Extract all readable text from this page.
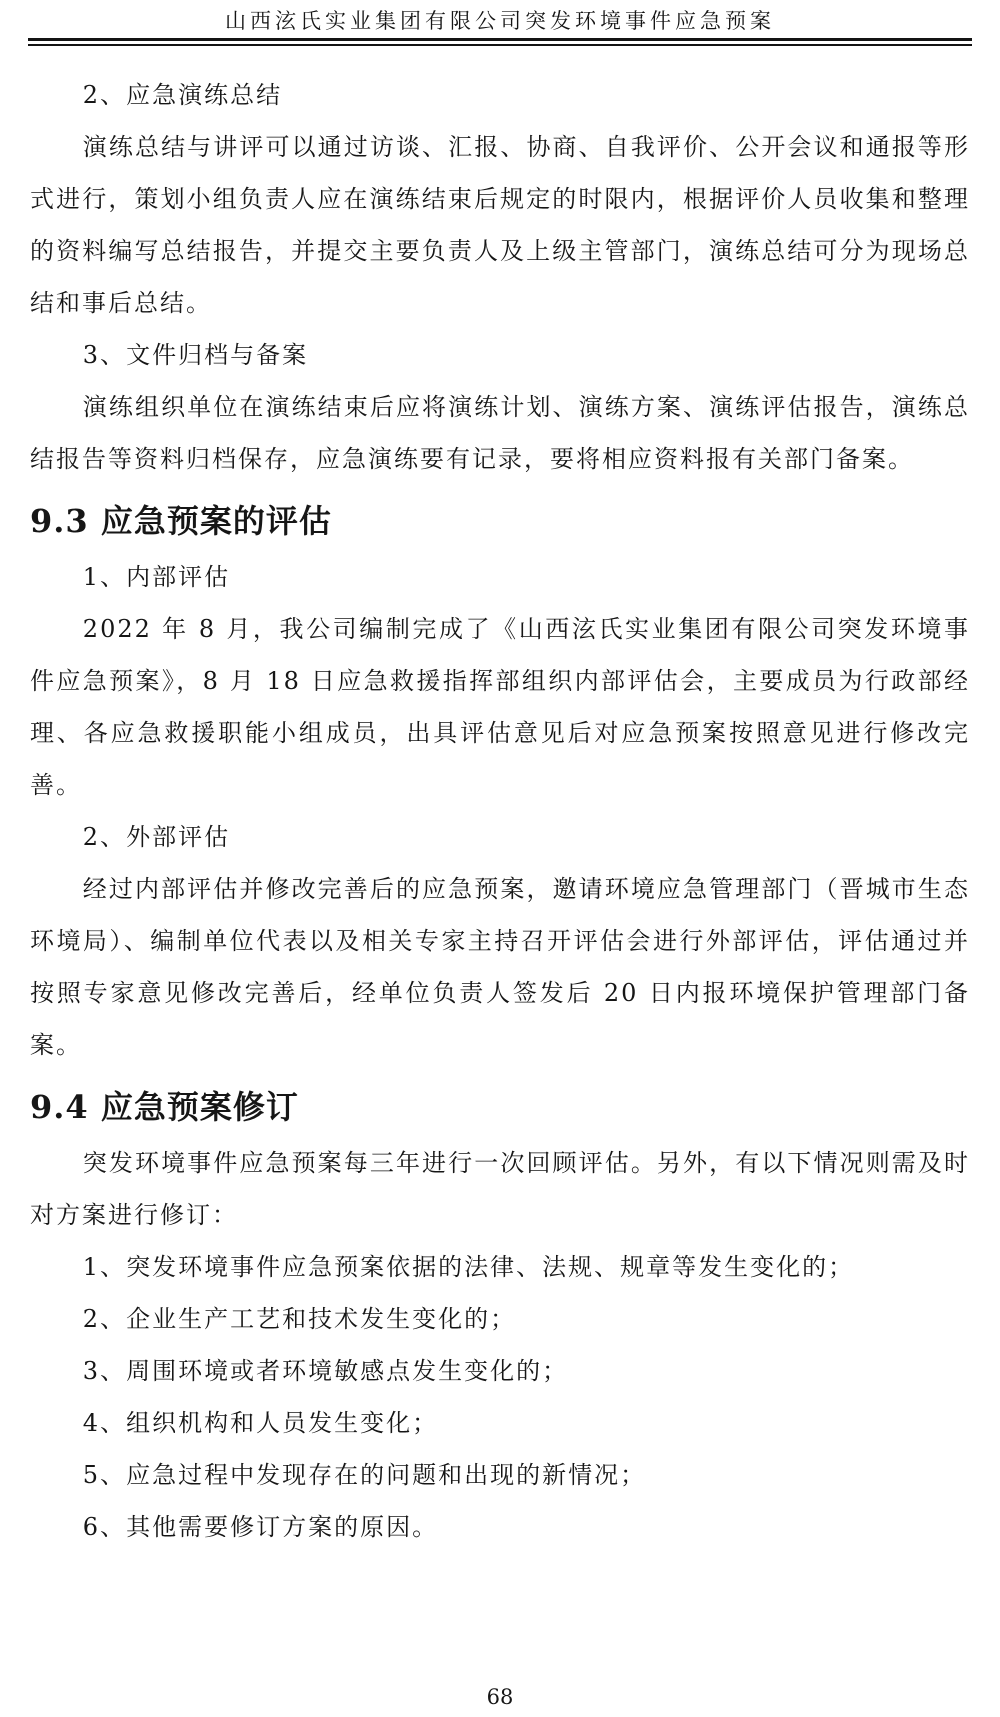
山西泫氏实业集团有限公司突发环境事件应急预案

2、应急演练总结

演练总结与讲评可以通过访谈、汇报、协商、自我评价、公开会议和通报等形式进行，策划小组负责人应在演练结束后规定的时限内，根据评价人员收集和整理的资料编写总结报告，并提交主要负责人及上级主管部门，演练总结可分为现场总结和事后总结。

3、文件归档与备案

演练组织单位在演练结束后应将演练计划、演练方案、演练评估报告，演练总结报告等资料归档保存，应急演练要有记录，要将相应资料报有关部门备案。

9.3 应急预案的评估

1、内部评估

2022 年 8 月，我公司编制完成了《山西泫氏实业集团有限公司突发环境事件应急预案》，8 月 18 日应急救援指挥部组织内部评估会，主要成员为行政部经理、各应急救援职能小组成员，出具评估意见后对应急预案按照意见进行修改完善。

2、外部评估

经过内部评估并修改完善后的应急预案，邀请环境应急管理部门（晋城市生态环境局）、编制单位代表以及相关专家主持召开评估会进行外部评估，评估通过并按照专家意见修改完善后，经单位负责人签发后 20 日内报环境保护管理部门备案。

9.4 应急预案修订

突发环境事件应急预案每三年进行一次回顾评估。另外，有以下情况则需及时对方案进行修订：

1、突发环境事件应急预案依据的法律、法规、规章等发生变化的；

2、企业生产工艺和技术发生变化的；

3、周围环境或者环境敏感点发生变化的；

4、组织机构和人员发生变化；

5、应急过程中发现存在的问题和出现的新情况；

6、其他需要修订方案的原因。

68
